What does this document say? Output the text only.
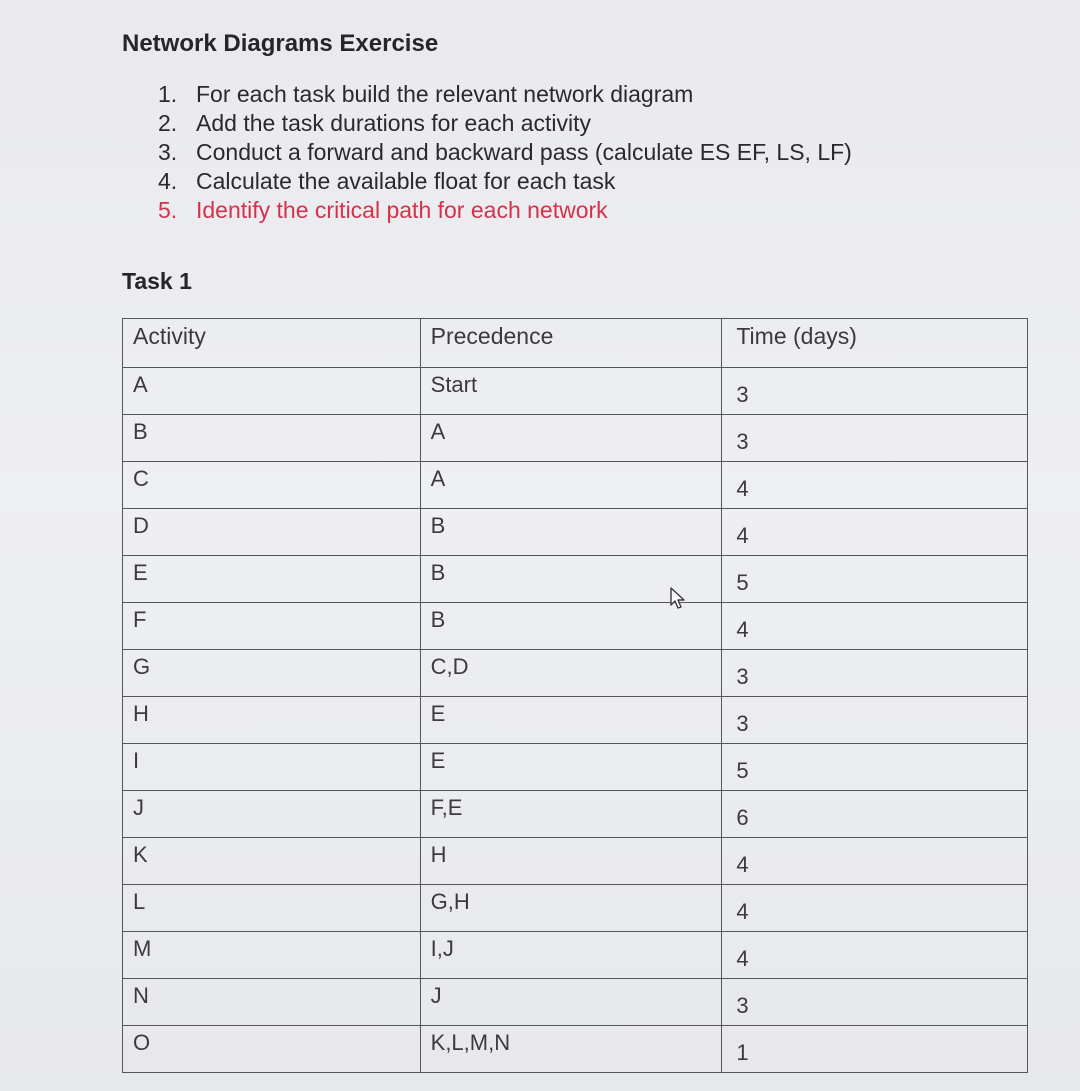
Network Diagrams Exercise
1. For each task build the relevant network diagram
2. Add the task durations for each activity
3. Conduct a forward and backward pass (calculate ES EF, LS, LF)
4. Calculate the available float for each task
5. Identify the critical path for each network
Task 1
Activity	Precedence	Time (days)
A	Start	3
B	A	3
C	A	4
D	B	4
E	B	5
F	B	4
G	C,D	3
H	E	3
I	E	5
J	F,E	6
K	H	4
L	G,H	4
M	I,J	4
N	J	3
O	K,L,M,N	1
